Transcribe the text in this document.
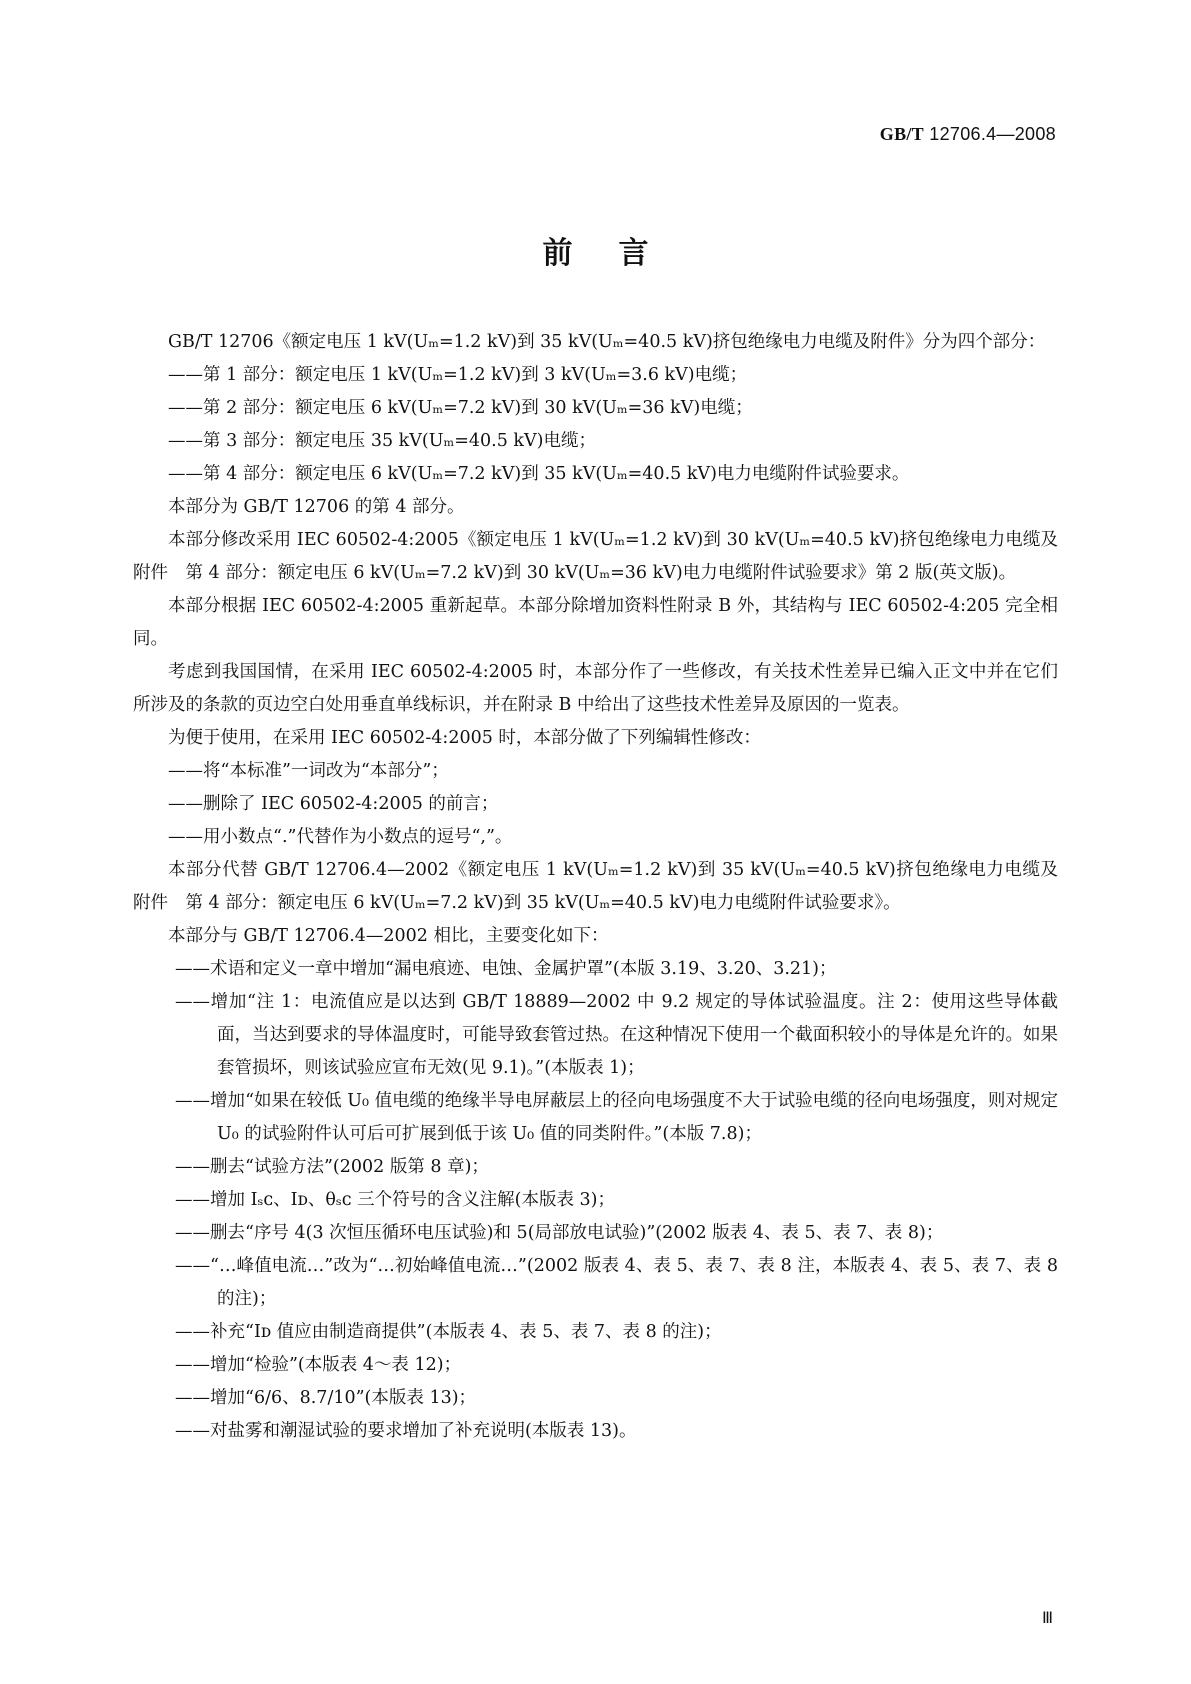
GB/T 12706.4—2008
前言

GB/T 12706《额定电压 1 kV(Uₘ=1.2 kV)到 35 kV(Uₘ=40.5 kV)挤包绝缘电力电缆及附件》分为四个部分：

——第 1 部分：额定电压 1 kV(Uₘ=1.2 kV)到 3 kV(Uₘ=3.6 kV)电缆；

——第 2 部分：额定电压 6 kV(Uₘ=7.2 kV)到 30 kV(Uₘ=36 kV)电缆；

——第 3 部分：额定电压 35 kV(Uₘ=40.5 kV)电缆；

——第 4 部分：额定电压 6 kV(Uₘ=7.2 kV)到 35 kV(Uₘ=40.5 kV)电力电缆附件试验要求。

本部分为 GB/T 12706 的第 4 部分。

本部分修改采用 IEC 60502-4:2005《额定电压 1 kV(Uₘ=1.2 kV)到 30 kV(Uₘ=40.5 kV)挤包绝缘电力电缆及附件　第 4 部分：额定电压 6 kV(Uₘ=7.2 kV)到 30 kV(Uₘ=36 kV)电力电缆附件试验要求》第 2 版(英文版)。

本部分根据 IEC 60502-4:2005 重新起草。本部分除增加资料性附录 B 外，其结构与 IEC 60502-4:205 完全相同。

考虑到我国国情，在采用 IEC 60502-4:2005 时，本部分作了一些修改，有关技术性差异已编入正文中并在它们所涉及的条款的页边空白处用垂直单线标识，并在附录 B 中给出了这些技术性差异及原因的一览表。

为便于使用，在采用 IEC 60502-4:2005 时，本部分做了下列编辑性修改：

——将“本标准”一词改为“本部分”；

——删除了 IEC 60502-4:2005 的前言；

——用小数点“.”代替作为小数点的逗号“,”。

本部分代替 GB/T 12706.4—2002《额定电压 1 kV(Uₘ=1.2 kV)到 35 kV(Uₘ=40.5 kV)挤包绝缘电力电缆及附件　第 4 部分：额定电压 6 kV(Uₘ=7.2 kV)到 35 kV(Uₘ=40.5 kV)电力电缆附件试验要求》。

本部分与 GB/T 12706.4—2002 相比，主要变化如下：

——术语和定义一章中增加“漏电痕迹、电蚀、金属护罩”(本版 3.19、3.20、3.21)；

——增加“注 1：电流值应是以达到 GB/T 18889—2002 中 9.2 规定的导体试验温度。注 2：使用这些导体截面，当达到要求的导体温度时，可能导致套管过热。在这种情况下使用一个截面积较小的导体是允许的。如果套管损坏，则该试验应宣布无效(见 9.1)。”(本版表 1)；

——增加“如果在较低 U₀ 值电缆的绝缘半导电屏蔽层上的径向电场强度不大于试验电缆的径向电场强度，则对规定 U₀ 的试验附件认可后可扩展到低于该 U₀ 值的同类附件。”(本版 7.8)；

——删去“试验方法”(2002 版第 8 章)；

——增加 Iₛᴄ、Iᴅ、θₛᴄ 三个符号的含义注解(本版表 3)；

——删去“序号 4(3 次恒压循环电压试验)和 5(局部放电试验)”(2002 版表 4、表 5、表 7、表 8)；

——“…峰值电流…”改为“…初始峰值电流…”(2002 版表 4、表 5、表 7、表 8 注，本版表 4、表 5、表 7、表 8 的注)；

——补充“Iᴅ 值应由制造商提供”(本版表 4、表 5、表 7、表 8 的注)；

——增加“检验”(本版表 4～表 12)；

——增加“6/6、8.7/10”(本版表 13)；

——对盐雾和潮湿试验的要求增加了补充说明(本版表 13)。

Ⅲ
